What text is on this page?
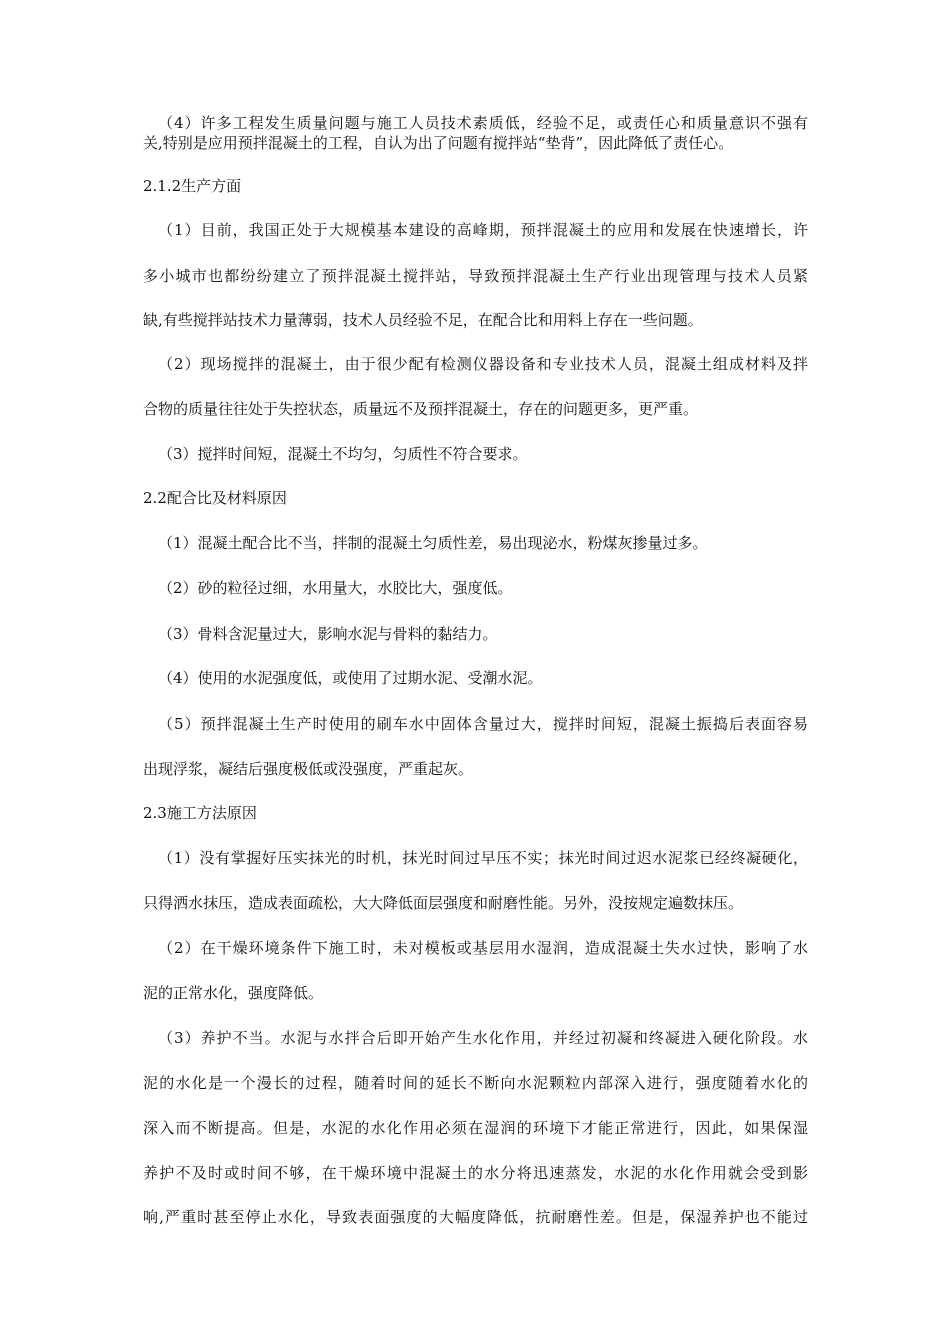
（4）许多工程发生质量问题与施工人员技术素质低，经验不足，或责任心和质量意识不强有
关,特别是应用预拌混凝土的工程，自认为出了问题有搅拌站“垫背”，因此降低了责任心。
2.1.2生产方面
（1）目前，我国正处于大规模基本建设的高峰期，预拌混凝土的应用和发展在快速增长，许
多小城市也都纷纷建立了预拌混凝土搅拌站，导致预拌混凝土生产行业出现管理与技术人员紧
缺,有些搅拌站技术力量薄弱，技术人员经验不足，在配合比和用料上存在一些问题。
（2）现场搅拌的混凝土，由于很少配有检测仪器设备和专业技术人员，混凝土组成材料及拌
合物的质量往往处于失控状态，质量远不及预拌混凝土，存在的问题更多，更严重。
（3）搅拌时间短，混凝土不均匀，匀质性不符合要求。
2.2配合比及材料原因
（1）混凝土配合比不当，拌制的混凝土匀质性差，易出现泌水，粉煤灰掺量过多。
（2）砂的粒径过细，水用量大，水胶比大，强度低。
（3）骨料含泥量过大，影响水泥与骨料的黏结力。
（4）使用的水泥强度低，或使用了过期水泥、受潮水泥。
（5）预拌混凝土生产时使用的刷车水中固体含量过大，搅拌时间短，混凝土振捣后表面容易
出现浮浆，凝结后强度极低或没强度，严重起灰。
2.3施工方法原因
（1）没有掌握好压实抹光的时机，抹光时间过早压不实；抹光时间过迟水泥浆已经终凝硬化，
只得洒水抹压，造成表面疏松，大大降低面层强度和耐磨性能。另外，没按规定遍数抹压。
（2）在干燥环境条件下施工时，未对模板或基层用水湿润，造成混凝土失水过快，影响了水
泥的正常水化，强度降低。
（3）养护不当。水泥与水拌合后即开始产生水化作用，并经过初凝和终凝进入硬化阶段。水
泥的水化是一个漫长的过程，随着时间的延长不断向水泥颗粒内部深入进行，强度随着水化的
深入而不断提高。但是，水泥的水化作用必须在湿润的环境下才能正常进行，因此，如果保湿
养护不及时或时间不够，在干燥环境中混凝土的水分将迅速蒸发，水泥的水化作用就会受到影
响,严重时甚至停止水化，导致表面强度的大幅度降低，抗耐磨性差。但是，保湿养护也不能过
